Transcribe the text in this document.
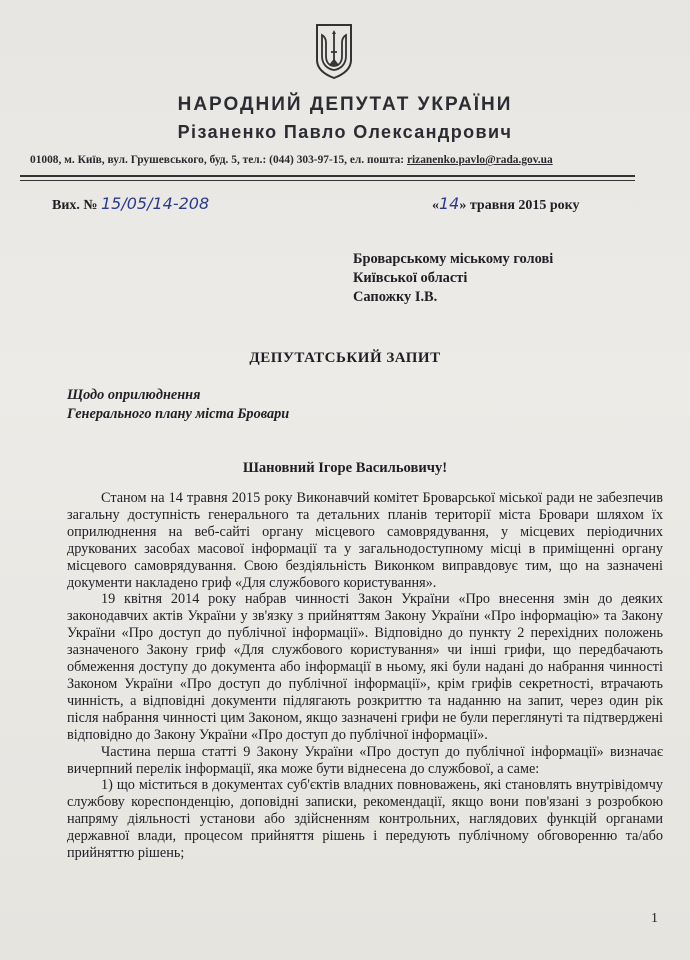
НАРОДНИЙ ДЕПУТАТ УКРАЇНИ
Різаненко Павло Олександрович
01008, м. Київ, вул. Грушевського, буд. 5, тел.: (044) 303-97-15, ел. пошта: rizanenko.pavlo@rada.gov.ua
Вих. № 15/05/14-208	«14» травня 2015 року
Броварському міському голові
Київської області
Сапожку І.В.
ДЕПУТАТСЬКИЙ ЗАПИТ
Щодо оприлюднення
Генерального плану міста Бровари
Шановний Ігоре Васильовичу!

Станом на 14 травня 2015 року Виконавчий комітет Броварської міської ради не забезпечив загальну доступність генерального та детальних планів території міста Бровари шляхом їх оприлюднення на веб-сайті органу місцевого самоврядування, у місцевих періодичних друкованих засобах масової інформації та у загальнодоступному місці в приміщенні органу місцевого самоврядування. Свою бездіяльність Виконком виправдовує тим, що на зазначені документи накладено гриф «Для службового користування».

19 квітня 2014 року набрав чинності Закон України «Про внесення змін до деяких законодавчих актів України у зв'язку з прийняттям Закону України «Про інформацію» та Закону України «Про доступ до публічної інформації». Відповідно до пункту 2 перехідних положень зазначеного Закону гриф «Для службового користування» чи інші грифи, що передбачають обмеження доступу до документа або інформації в ньому, які були надані до набрання чинності Законом України «Про доступ до публічної інформації», крім грифів секретності, втрачають чинність, а відповідні документи підлягають розкриттю та наданню на запит, через один рік після набрання чинності цим Законом, якщо зазначені грифи не були переглянуті та підтверджені відповідно до Закону України «Про доступ до публічної інформації».

Частина перша статті 9 Закону України «Про доступ до публічної інформації» визначає вичерпний перелік інформації, яка може бути віднесена до службової, а саме:

1) що міститься в документах суб'єктів владних повноважень, які становлять внутрівідомчу службову кореспонденцію, доповідні записки, рекомендації, якщо вони пов'язані з розробкою напряму діяльності установи або здійсненням контрольних, наглядових функцій органами державної влади, процесом прийняття рішень і передують публічному обговоренню та/або прийняттю рішень;

1
